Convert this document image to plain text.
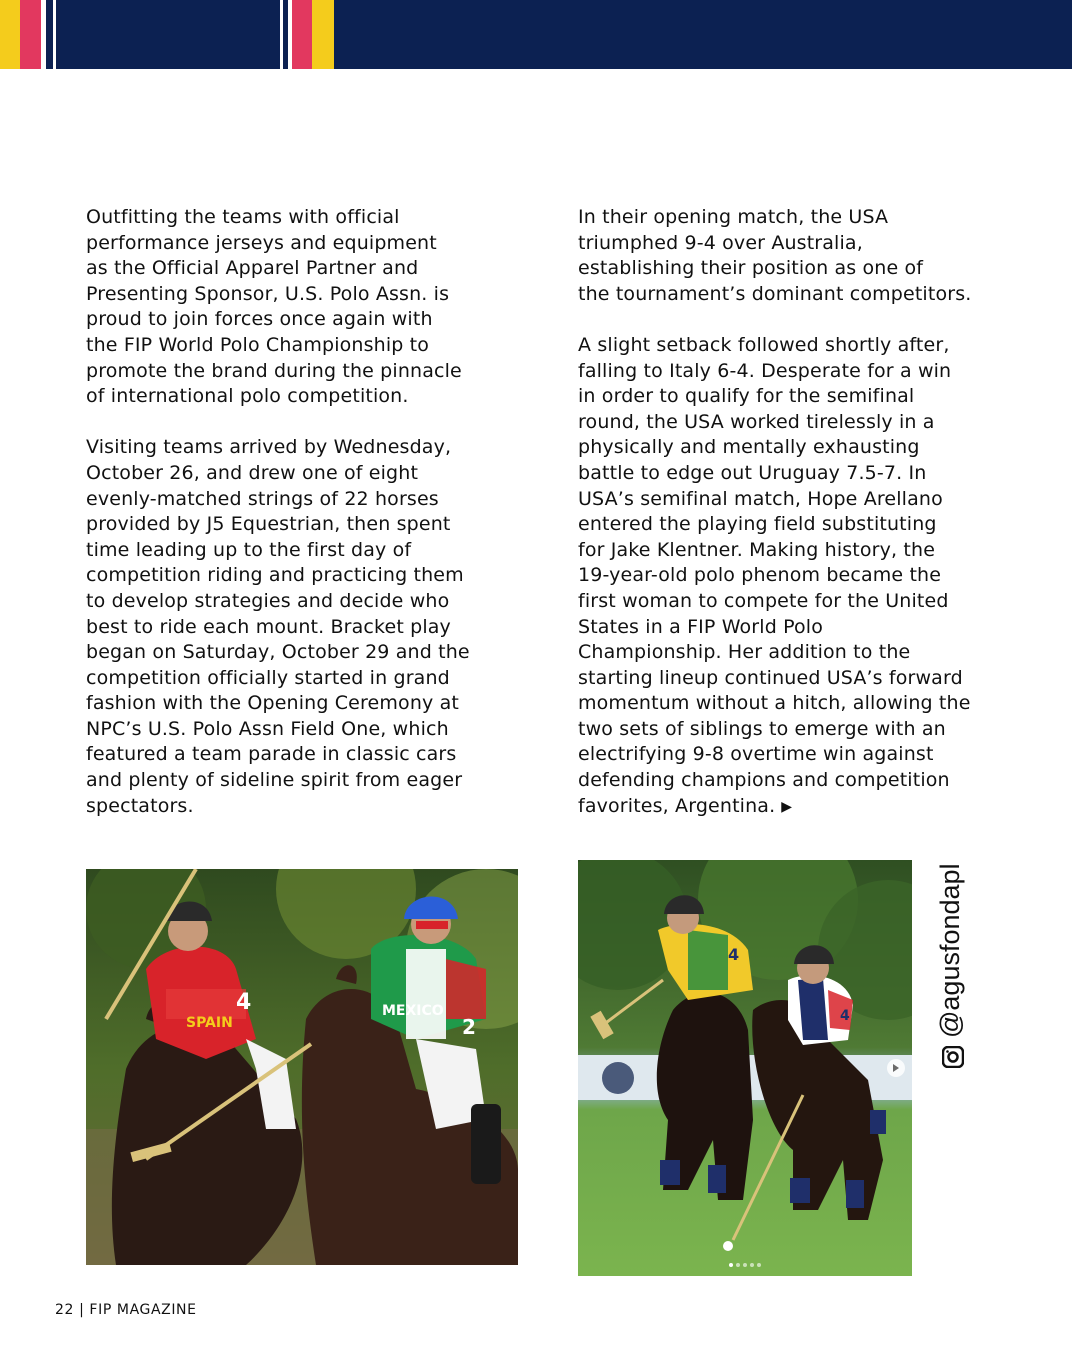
Outfitting the teams with official
performance jerseys and equipment
as the Official Apparel Partner and
Presenting Sponsor, U.S. Polo Assn. is
proud to join forces once again with
the FIP World Polo Championship to
promote the brand during the pinnacle
of international polo competition.

Visiting teams arrived by Wednesday,
October 26, and drew one of eight
evenly-matched strings of 22 horses
provided by J5 Equestrian, then spent
time leading up to the first day of
competition riding and practicing them
to develop strategies and decide who
best to ride each mount. Bracket play
began on Saturday, October 29 and the
competition officially started in grand
fashion with the Opening Ceremony at
NPC’s U.S. Polo Assn Field One, which
featured a team parade in classic cars
and plenty of sideline spirit from eager
spectators.

In their opening match, the USA
triumphed 9-4 over Australia,
establishing their position as one of
the tournament’s dominant competitors.

A slight setback followed shortly after,
falling to Italy 6-4. Desperate for a win
in order to qualify for the semifinal
round, the USA worked tirelessly in a
physically and mentally exhausting
battle to edge out Uruguay 7.5-7. In
USA’s semifinal match, Hope Arellano
entered the playing field substituting
for Jake Klentner. Making history, the
19-year-old polo phenom became the
first woman to compete for the United
States in a FIP World Polo
Championship. Her addition to the
starting lineup continued USA’s forward
momentum without a hitch, allowing the
two sets of siblings to emerge with an
electrifying 9-8 overtime win against
defending champions and competition
favorites, Argentina. ▶

4
SPAIN
MEXICO
2
4
4	@agusfondapl
22 | FIP MAGAZINE
